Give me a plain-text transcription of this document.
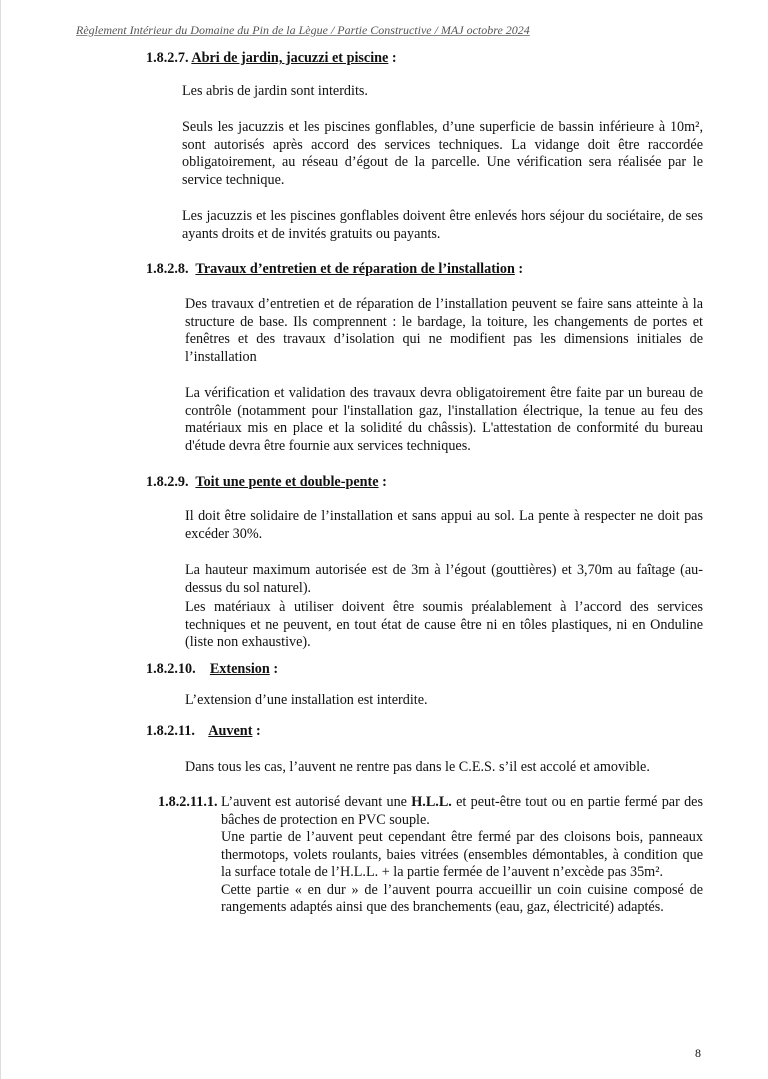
Règlement Intérieur du Domaine du Pin de la Lègue / Partie Constructive / MAJ octobre 2024
1.8.2.7. Abri de jardin, jacuzzi et piscine :
Les abris de jardin sont interdits.
Seuls les jacuzzis et les piscines gonflables, d’une superficie de bassin inférieure à 10m², sont autorisés après accord des services techniques. La vidange doit être raccordée obligatoirement, au réseau d’égout de la parcelle. Une vérification sera réalisée par le service technique.
Les jacuzzis et les piscines gonflables doivent être enlevés hors séjour du sociétaire, de ses ayants droits et de invités gratuits ou payants.
1.8.2.8. Travaux d’entretien et de réparation de l’installation :
Des travaux d’entretien et de réparation de l’installation peuvent se faire sans atteinte à la structure de base. Ils comprennent : le bardage, la toiture, les changements de portes et fenêtres et des travaux d’isolation qui ne modifient pas les dimensions initiales de l’installation
La vérification et validation des travaux devra obligatoirement être faite par un bureau de contrôle (notamment pour l'installation gaz, l'installation électrique, la tenue au feu des matériaux mis en place et la solidité du châssis). L'attestation de conformité du bureau d'étude devra être fournie aux services techniques.
1.8.2.9. Toit une pente et double-pente :
Il doit être solidaire de l’installation et sans appui au sol. La pente à respecter ne doit pas excéder 30%.
La hauteur maximum autorisée est de 3m à l’égout (gouttières) et 3,70m au faîtage (au-dessus du sol naturel).
Les matériaux à utiliser doivent être soumis préalablement à l’accord des services techniques et ne peuvent, en tout état de cause être ni en tôles plastiques, ni en Onduline (liste non exhaustive).
1.8.2.10. Extension :
L’extension d’une installation est interdite.
1.8.2.11. Auvent :
Dans tous les cas, l’auvent ne rentre pas dans le C.E.S. s’il est accolé et amovible.
1.8.2.11.1. L’auvent est autorisé devant une H.L.L. et peut-être tout ou en partie fermé par des bâches de protection en PVC souple.
Une partie de l’auvent peut cependant être fermé par des cloisons bois, panneaux thermotops, volets roulants, baies vitrées (ensembles démontables, à condition que la surface totale de l’H.L.L. + la partie fermée de l’auvent n’excède pas 35m².
Cette partie « en dur » de l’auvent pourra accueillir un coin cuisine composé de rangements adaptés ainsi que des branchements (eau, gaz, électricité) adaptés.
8
